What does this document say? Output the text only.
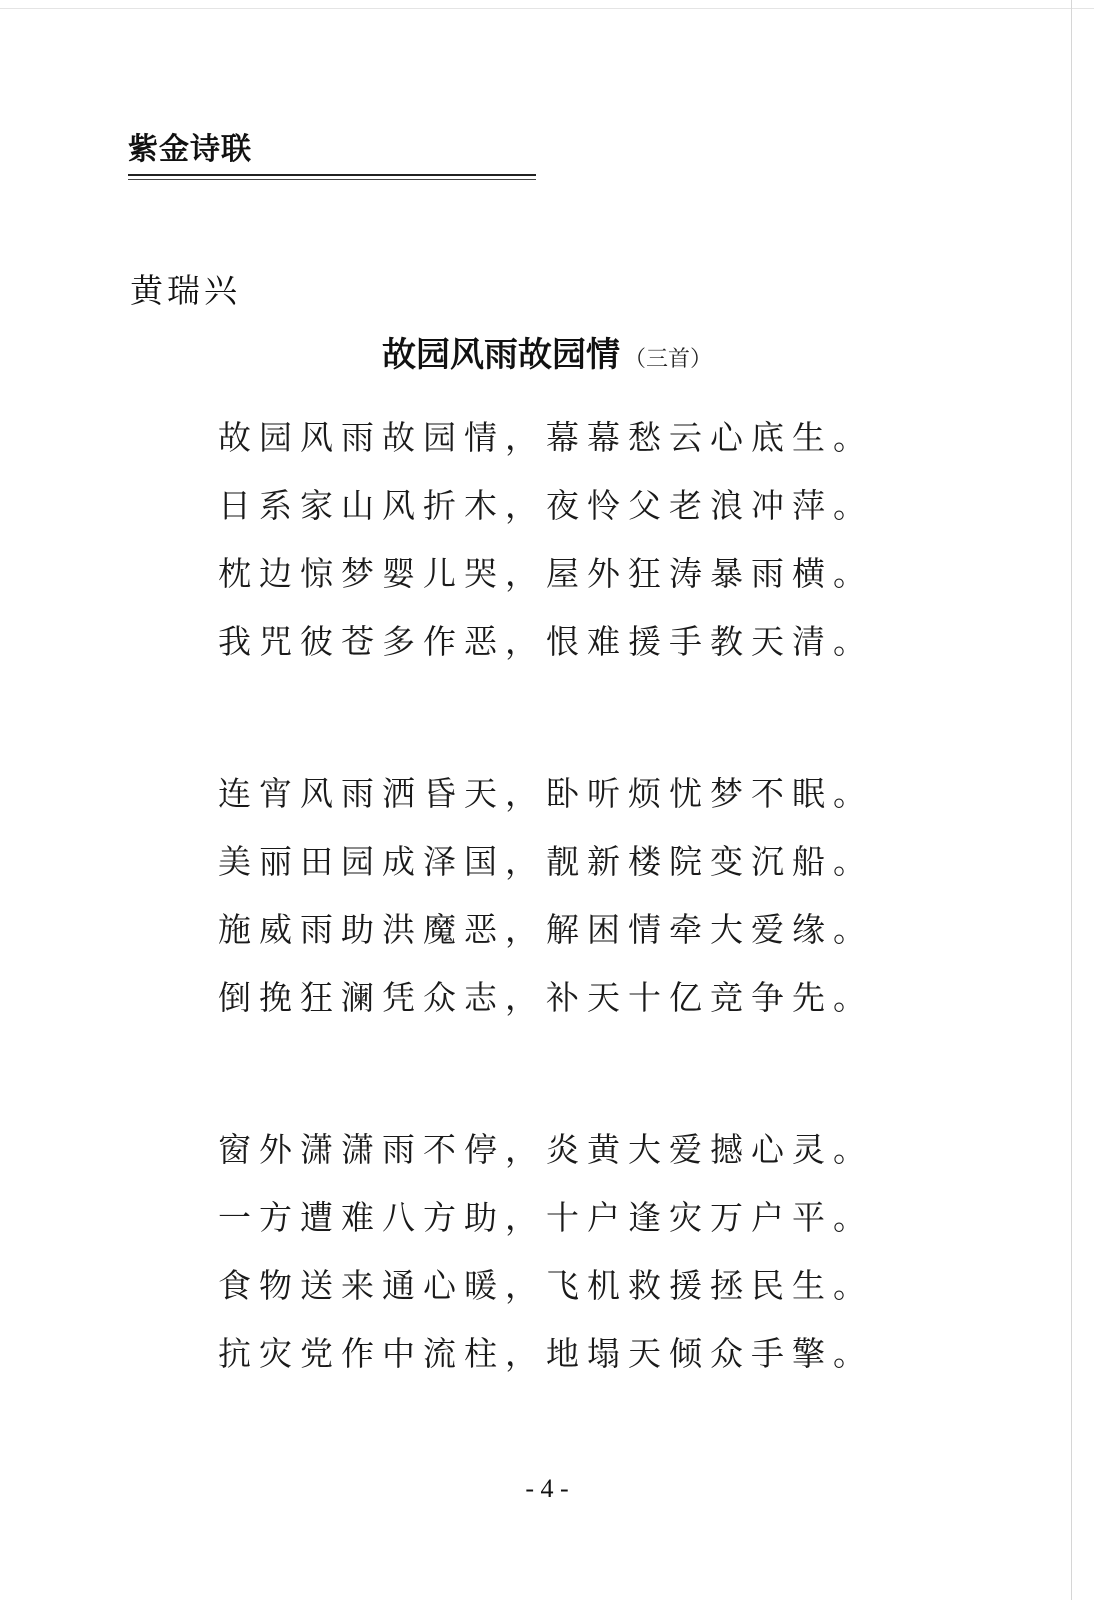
紫金诗联
黄瑞兴
故园风雨故园情 （三首）
故园风雨故园情，幕幕愁云心底生。
日系家山风折木，夜怜父老浪冲萍。
枕边惊梦婴儿哭，屋外狂涛暴雨横。
我咒彼苍多作恶，恨难援手教天清。
连宵风雨洒昏天，卧听烦忧梦不眠。
美丽田园成泽国，靓新楼院变沉船。
施威雨助洪魔恶，解困情牵大爱缘。
倒挽狂澜凭众志，补天十亿竞争先。
窗外潇潇雨不停，炎黄大爱撼心灵。
一方遭难八方助，十户逢灾万户平。
食物送来通心暖，飞机救援拯民生。
抗灾党作中流柱，地塌天倾众手擎。
- 4 -
